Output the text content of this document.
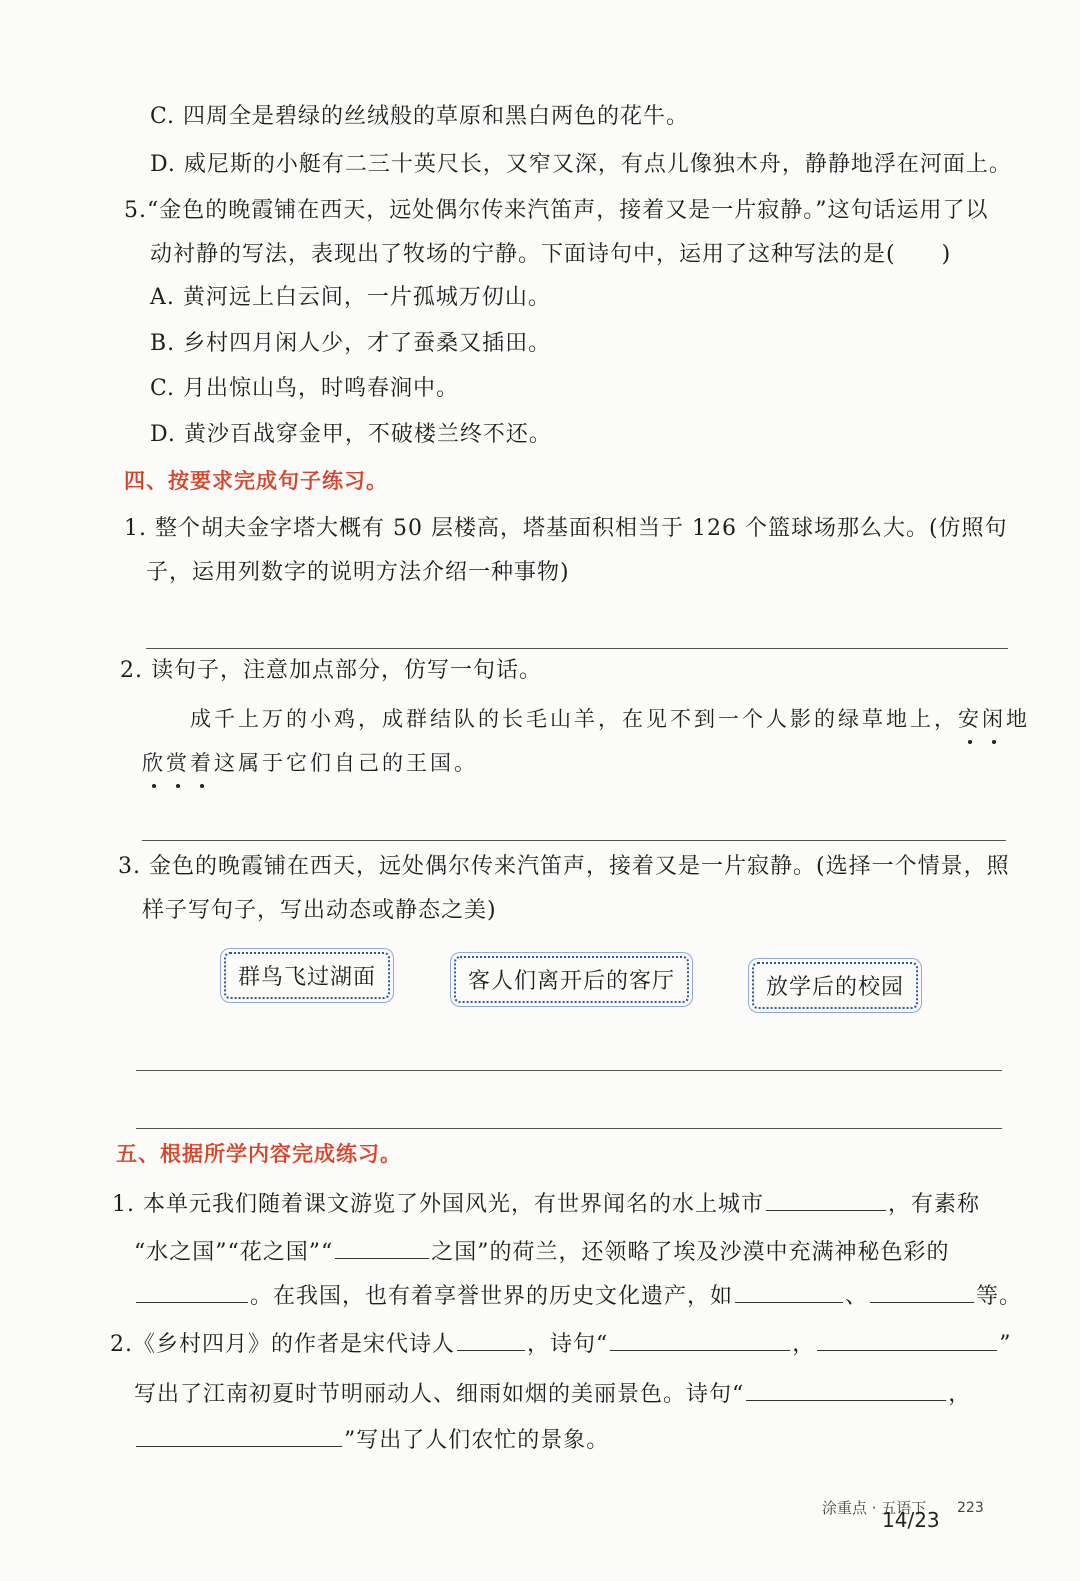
C. 四周全是碧绿的丝绒般的草原和黑白两色的花牛。
D. 威尼斯的小艇有二三十英尺长，又窄又深，有点儿像独木舟，静静地浮在河面上。
5.“金色的晚霞铺在西天，远处偶尔传来汽笛声，接着又是一片寂静。”这句话运用了以
动衬静的写法，表现出了牧场的宁静。下面诗句中，运用了这种写法的是(　　)
A. 黄河远上白云间，一片孤城万仞山。
B. 乡村四月闲人少，才了蚕桑又插田。
C. 月出惊山鸟，时鸣春涧中。
D. 黄沙百战穿金甲，不破楼兰终不还。
四、按要求完成句子练习。
1. 整个胡夫金字塔大概有 50 层楼高，塔基面积相当于 126 个篮球场那么大。(仿照句
子，运用列数字的说明方法介绍一种事物)
2. 读句子，注意加点部分，仿写一句话。
成千上万的小鸡，成群结队的长毛山羊，在见不到一个人影的绿草地上，安闲地
欣赏着这属于它们自己的王国。
3. 金色的晚霞铺在西天，远处偶尔传来汽笛声，接着又是一片寂静。(选择一个情景，照
样子写句子，写出动态或静态之美)
群鸟飞过湖面	客人们离开后的客厅	放学后的校园
五、根据所学内容完成练习。
1. 本单元我们随着课文游览了外国风光，有世界闻名的水上城市	，有素称
“水之国”“花之国”“	之国”的荷兰，还领略了埃及沙漠中充满神秘色彩的
。在我国，也有着享誉世界的历史文化遗产，如	、	等。
2.《乡村四月》的作者是宋代诗人	，诗句“	，	”
写出了江南初夏时节明丽动人、细雨如烟的美丽景色。诗句“	，
”写出了人们农忙的景象。
涂重点 · 五语下 223
14/23
